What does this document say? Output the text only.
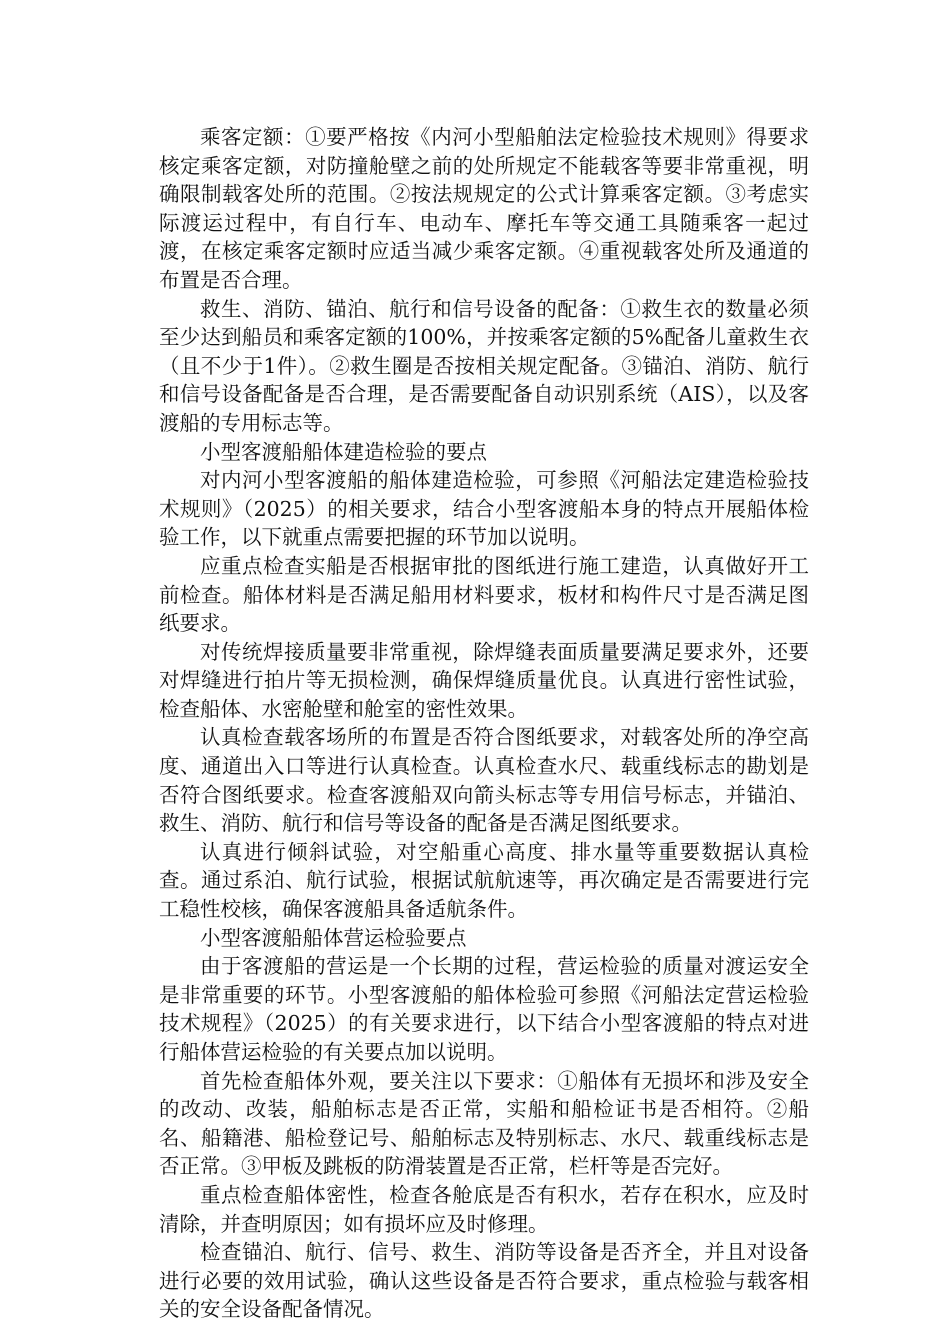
乘客定额：①要严格按《内河小型船舶法定检验技术规则》得要求核定乘客定额，对防撞舱壁之前的处所规定不能载客等要非常重视，明确限制载客处所的范围。②按法规规定的公式计算乘客定额。③考虑实际渡运过程中，有自行车、电动车、摩托车等交通工具随乘客一起过渡，在核定乘客定额时应适当减少乘客定额。④重视载客处所及通道的布置是否合理。

救生、消防、锚泊、航行和信号设备的配备：①救生衣的数量必须至少达到船员和乘客定额的100%，并按乘客定额的5%配备儿童救生衣（且不少于1件）。②救生圈是否按相关规定配备。③锚泊、消防、航行和信号设备配备是否合理，是否需要配备自动识别系统（AIS），以及客渡船的专用标志等。

小型客渡船船体建造检验的要点

对内河小型客渡船的船体建造检验，可参照《河船法定建造检验技术规则》（2025）的相关要求，结合小型客渡船本身的特点开展船体检验工作，以下就重点需要把握的环节加以说明。

应重点检查实船是否根据审批的图纸进行施工建造，认真做好开工前检查。船体材料是否满足船用材料要求，板材和构件尺寸是否满足图纸要求。

对传统焊接质量要非常重视，除焊缝表面质量要满足要求外，还要对焊缝进行拍片等无损检测，确保焊缝质量优良。认真进行密性试验，检查船体、水密舱壁和舱室的密性效果。

认真检查载客场所的布置是否符合图纸要求，对载客处所的净空高度、通道出入口等进行认真检查。认真检查水尺、载重线标志的勘划是否符合图纸要求。检查客渡船双向箭头标志等专用信号标志，并锚泊、救生、消防、航行和信号等设备的配备是否满足图纸要求。

认真进行倾斜试验，对空船重心高度、排水量等重要数据认真检查。通过系泊、航行试验，根据试航航速等，再次确定是否需要进行完工稳性校核，确保客渡船具备适航条件。

小型客渡船船体营运检验要点

由于客渡船的营运是一个长期的过程，营运检验的质量对渡运安全是非常重要的环节。小型客渡船的船体检验可参照《河船法定营运检验技术规程》（2025）的有关要求进行，以下结合小型客渡船的特点对进行船体营运检验的有关要点加以说明。

首先检查船体外观，要关注以下要求：①船体有无损坏和涉及安全的改动、改装，船舶标志是否正常，实船和船检证书是否相符。②船名、船籍港、船检登记号、船舶标志及特别标志、水尺、载重线标志是否正常。③甲板及跳板的防滑装置是否正常，栏杆等是否完好。

重点检查船体密性，检查各舱底是否有积水，若存在积水，应及时清除，并查明原因；如有损坏应及时修理。

检查锚泊、航行、信号、救生、消防等设备是否齐全，并且对设备进行必要的效用试验，确认这些设备是否符合要求，重点检验与载客相关的安全设备配备情况。
